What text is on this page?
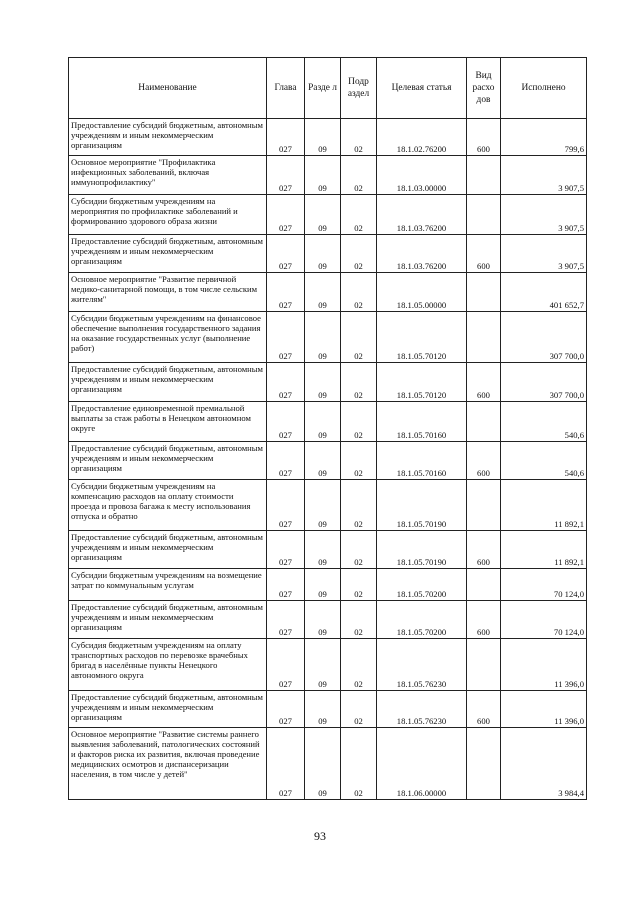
Наименование	Глава	Разде л	Подр аздел	Целевая статья	Вид расхо дов	Исполнено
Предоставление субсидий бюджетным, автономным учреждениям и иным некоммерческим организациям	027	09	02	18.1.02.76200	600	799,6
Основное мероприятие "Профилактика инфекционных заболеваний, включая иммунопрофилактику"	027	09	02	18.1.03.00000		3 907,5
Субсидии бюджетным учреждениям на мероприятия по профилактике заболеваний и формированию здорового образа жизни	027	09	02	18.1.03.76200		3 907,5
Предоставление субсидий бюджетным, автономным учреждениям и иным некоммерческим организациям	027	09	02	18.1.03.76200	600	3 907,5
Основное мероприятие "Развитие первичной медико-санитарной помощи, в том числе сельским жителям"	027	09	02	18.1.05.00000		401 652,7
Субсидии бюджетным учреждениям на финансовое обеспечение выполнения государственного задания на оказание государственных услуг (выполнение работ)	027	09	02	18.1.05.70120		307 700,0
Предоставление субсидий бюджетным, автономным учреждениям и иным некоммерческим организациям	027	09	02	18.1.05.70120	600	307 700,0
Предоставление единовременной премиальной выплаты за стаж работы в Ненецком автономном округе	027	09	02	18.1.05.70160		540,6
Предоставление субсидий бюджетным, автономным учреждениям и иным некоммерческим организациям	027	09	02	18.1.05.70160	600	540,6
Субсидии бюджетным учреждениям на компенсацию расходов на оплату стоимости проезда и провоза багажа к месту использования отпуска и обратно	027	09	02	18.1.05.70190		11 892,1
Предоставление субсидий бюджетным, автономным учреждениям и иным некоммерческим организациям	027	09	02	18.1.05.70190	600	11 892,1
Субсидии бюджетным учреждениям на возмещение затрат по коммунальным услугам	027	09	02	18.1.05.70200		70 124,0
Предоставление субсидий бюджетным, автономным учреждениям и иным некоммерческим организациям	027	09	02	18.1.05.70200	600	70 124,0
Субсидия бюджетным учреждениям на оплату транспортных расходов по перевозке врачебных бригад в населённые пункты Ненецкого автономного округа	027	09	02	18.1.05.76230		11 396,0
Предоставление субсидий бюджетным, автономным учреждениям и иным некоммерческим организациям	027	09	02	18.1.05.76230	600	11 396,0
Основное мероприятие "Развитие системы раннего выявления заболеваний, патологических состояний и факторов риска их развития, включая проведение медицинских осмотров и диспансеризации населения, в том числе у детей"	027	09	02	18.1.06.00000		3 984,4
93
